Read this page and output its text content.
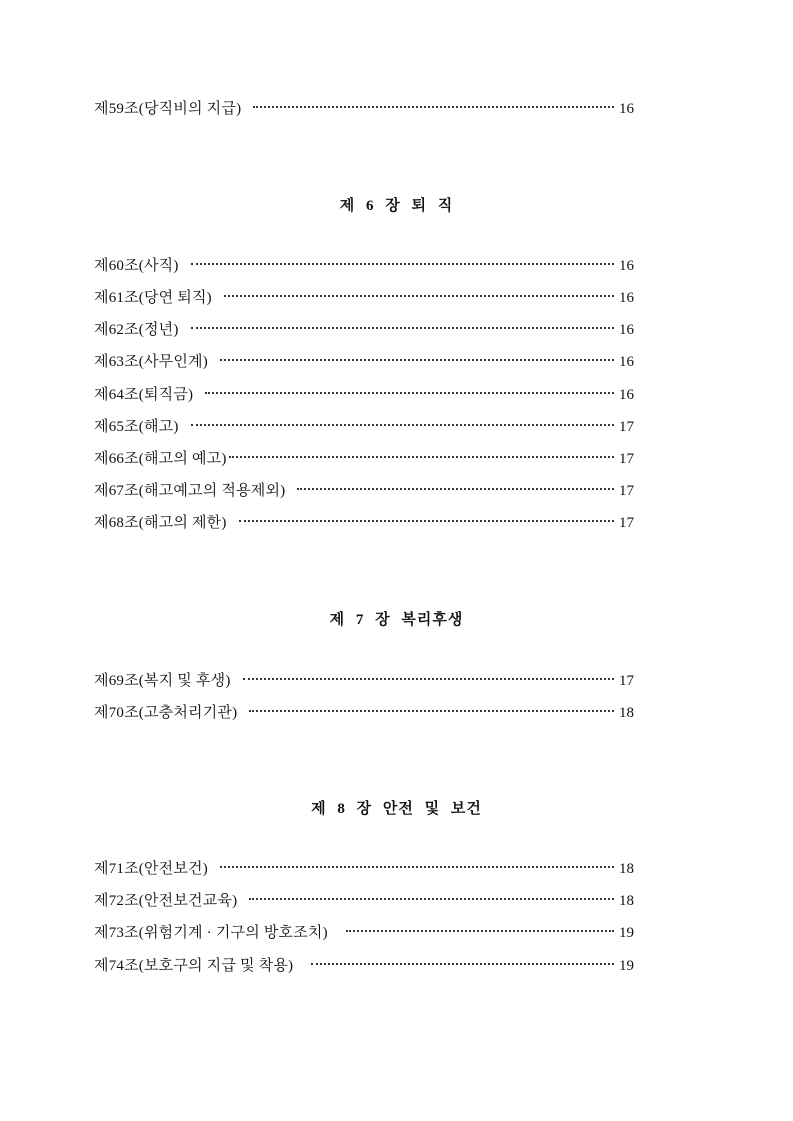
제59조(당직비의 지급)	16
제 6 장 퇴 직
제60조(사직)	16
제61조(당연 퇴직)	16
제62조(정년)	16
제63조(사무인계)	16
제64조(퇴직금)	16
제65조(해고)	17
제66조(해고의 예고)	17
제67조(해고예고의 적용제외)	17
제68조(해고의 제한)	17
제 7 장 복리후생
제69조(복지 및 후생)	17
제70조(고충처리기관)	18
제 8 장 안전 및 보건
제71조(안전보건)	18
제72조(안전보건교육)	18
제73조(위험기계 · 기구의 방호조치)	19
제74조(보호구의 지급 및 착용)	19
